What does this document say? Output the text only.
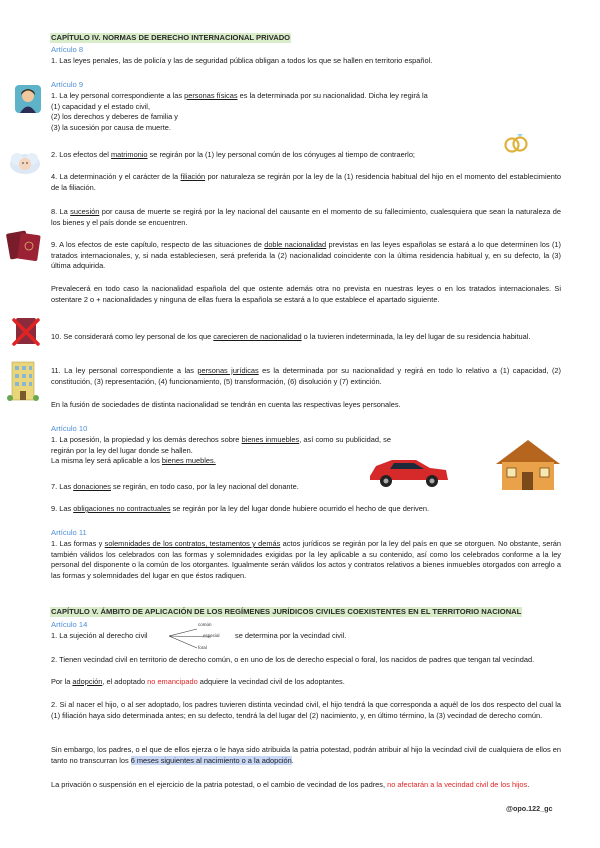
CAPÍTULO IV. NORMAS DE DERECHO INTERNACIONAL PRIVADO
Artículo 8
1. Las leyes penales, las de policía y las de seguridad pública obligan a todos los que se hallen en territorio español.
Artículo 9
1. La ley personal correspondiente a las personas físicas es la determinada por su nacionalidad. Dicha ley regirá la
(1) capacidad y el estado civil,
(2) los derechos y deberes de familia y
(3) la sucesión por causa de muerte.
2. Los efectos del matrimonio se regirán por la (1) ley personal común de los cónyuges al tiempo de contraerlo;
4. La determinación y el carácter de la filiación por naturaleza se regirán por la ley de la (1) residencia habitual del hijo en el momento del establecimiento de la filiación.
8. La sucesión por causa de muerte se regirá por la ley nacional del causante en el momento de su fallecimiento, cualesquiera que sean la naturaleza de los bienes y el país donde se encuentren.
9. A los efectos de este capítulo, respecto de las situaciones de doble nacionalidad previstas en las leyes españolas se estará a lo que determinen los (1) tratados internacionales, y, si nada estableciesen, será preferida la (2) nacionalidad coincidente con la última residencia habitual y, en su defecto, la (3) última adquirida.
Prevalecerá en todo caso la nacionalidad española del que ostente además otra no prevista en nuestras leyes o en los tratados internacionales. Si ostentare 2 o + nacionalidades y ninguna de ellas fuera la española se estará a lo que establece el apartado siguiente.
10. Se considerará como ley personal de los que carecieren de nacionalidad o la tuvieren indeterminada, la ley del lugar de su residencia habitual.
11. La ley personal correspondiente a las personas jurídicas es la determinada por su nacionalidad y regirá en todo lo relativo a (1) capacidad, (2) constitución, (3) representación, (4) funcionamiento, (5) transformación, (6) disolución y (7) extinción.
En la fusión de sociedades de distinta nacionalidad se tendrán en cuenta las respectivas leyes personales.
Artículo 10
1. La posesión, la propiedad y los demás derechos sobre bienes inmuebles, así como su publicidad, se regirán por la ley del lugar donde se hallen.
La misma ley será aplicable a los bienes muebles.
7. Las donaciones se regirán, en todo caso, por la ley nacional del donante.
9. Las obligaciones no contractuales se regirán por la ley del lugar donde hubiere ocurrido el hecho de que deriven.
Artículo 11
1. Las formas y solemnidades de los contratos, testamentos y demás actos jurídicos se regirán por la ley del país en que se otorguen. No obstante, serán también válidos los celebrados con las formas y solemnidades exigidas por la ley aplicable a su contenido, así como los celebrados conforme a la ley personal del disponente o la común de los otorgantes. Igualmente serán válidos los actos y contratos relativos a bienes inmuebles otorgados con arreglo a las formas y solemnidades del lugar en que éstos radiquen.
CAPÍTULO V. ÁMBITO DE APLICACIÓN DE LOS REGÍMENES JURÍDICOS CIVILES COEXISTENTES EN EL TERRITORIO NACIONAL
Artículo 14
1. La sujeción al derecho civil
común
especial
foral
se determina por la vecindad civil.
2. Tienen vecindad civil en territorio de derecho común, o en uno de los de derecho especial o foral, los nacidos de padres que tengan tal vecindad.
Por la adopción, el adoptado no emancipado adquiere la vecindad civil de los adoptantes.
2. Si al nacer el hijo, o al ser adoptado, los padres tuvieren distinta vecindad civil, el hijo tendrá la que corresponda a aquél de los dos respecto del cual la (1) filiación haya sido determinada antes; en su defecto, tendrá la del lugar del (2) nacimiento, y, en último término, la (3) vecindad de derecho común.
Sin embargo, los padres, o el que de ellos ejerza o le haya sido atribuida la patria potestad, podrán atribuir al hijo la vecindad civil de cualquiera de ellos en tanto no transcurran los 6 meses siguientes al nacimiento o a la adopción.
La privación o suspensión en el ejercicio de la patria potestad, o el cambio de vecindad de los padres, no afectarán a la vecindad civil de los hijos.
@opo.122_gc
